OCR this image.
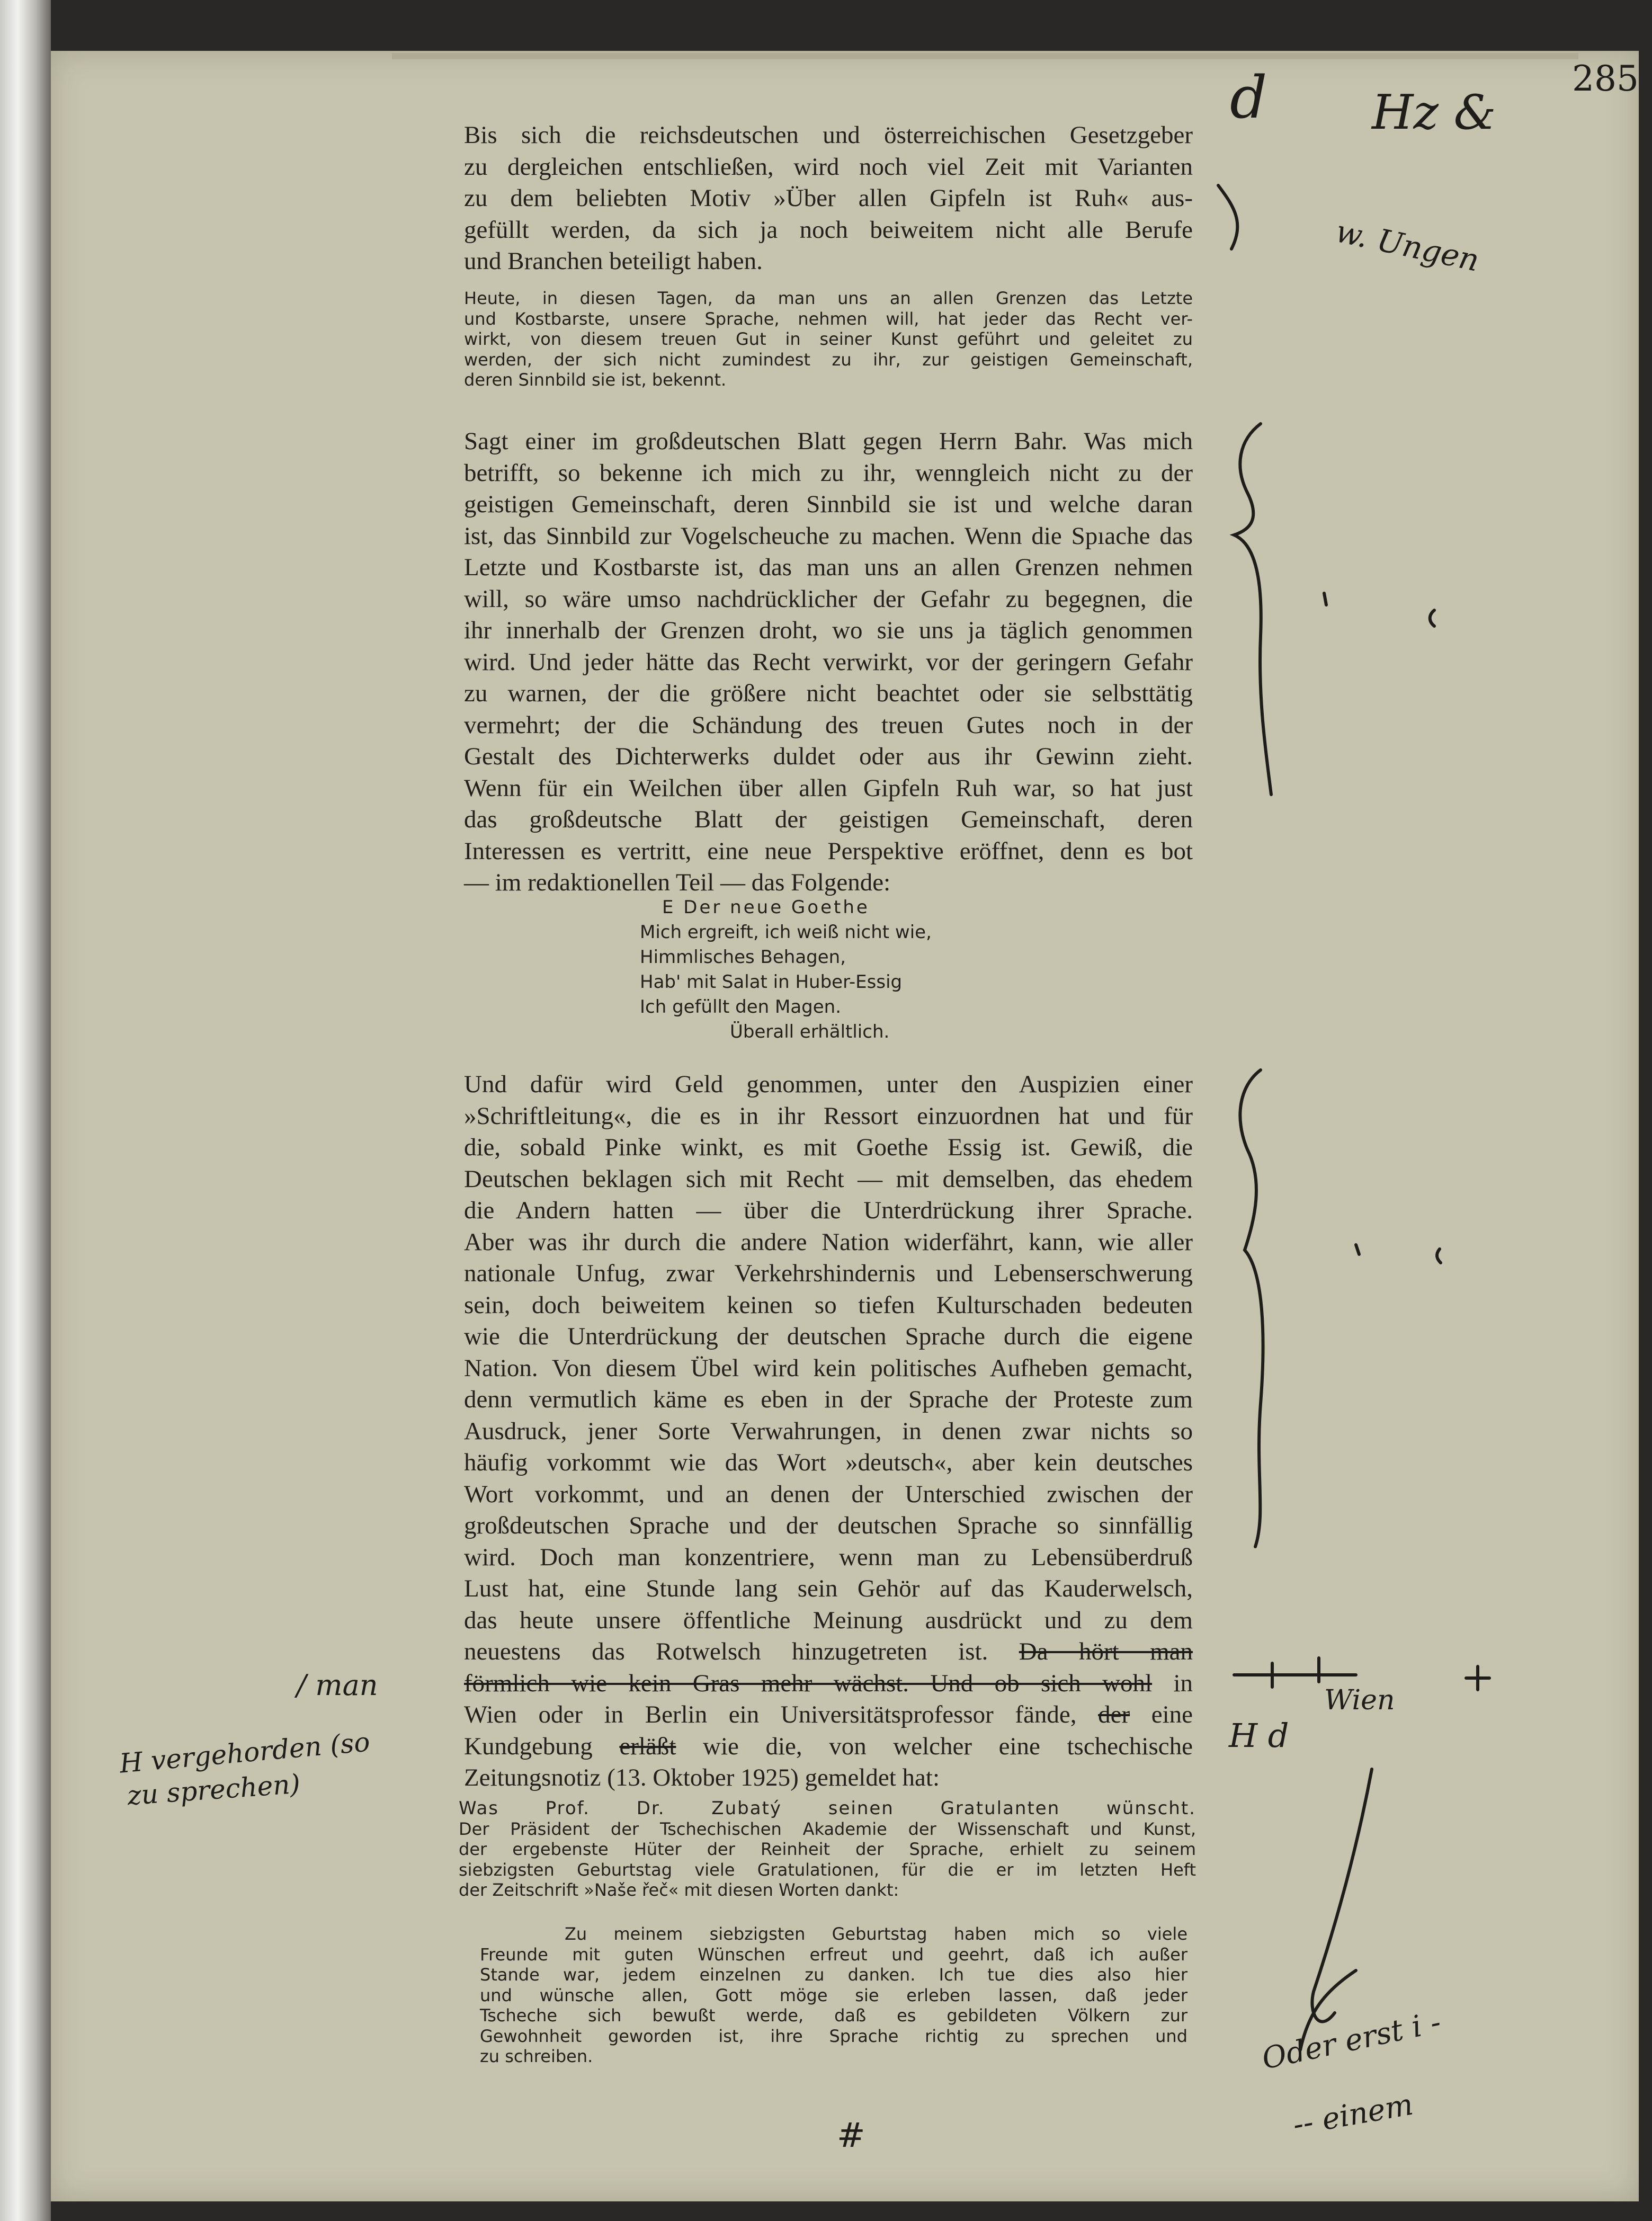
285
Bis sich die reichsdeutschen und österreichischen Gesetzgeber
zu dergleichen entschließen, wird noch viel Zeit mit Varianten
zu dem beliebten Motiv »Über allen Gipfeln ist Ruh« aus-
gefüllt werden, da sich ja noch beiweitem nicht alle Berufe
und Branchen beteiligt haben.
Heute, in diesen Tagen, da man uns an allen Grenzen das Letzte
und Kostbarste, unsere Sprache, nehmen will, hat jeder das Recht ver-
wirkt, von diesem treuen Gut in seiner Kunst geführt und geleitet zu
werden, der sich nicht zumindest zu ihr, zur geistigen Gemeinschaft,
deren Sinnbild sie ist, bekennt.
Sagt einer im großdeutschen Blatt gegen Herrn Bahr. Was mich
betrifft, so bekenne ich mich zu ihr, wenngleich nicht zu der
geistigen Gemeinschaft, deren Sinnbild sie ist und welche daran
ist, das Sinnbild zur Vogelscheuche zu machen. Wenn die Spıache das
Letzte und Kostbarste ist, das man uns an allen Grenzen nehmen
will, so wäre umso nachdrücklicher der Gefahr zu begegnen, die
ihr innerhalb der Grenzen droht, wo sie uns ja täglich genommen
wird. Und jeder hätte das Recht verwirkt, vor der geringern Gefahr
zu warnen, der die größere nicht beachtet oder sie selbsttätig
vermehrt; der die Schändung des treuen Gutes noch in der
Gestalt des Dichterwerks duldet oder aus ihr Gewinn zieht.
Wenn für ein Weilchen über allen Gipfeln Ruh war, so hat just
das großdeutsche Blatt der geistigen Gemeinschaft, deren
Interessen es vertritt, eine neue Perspektive eröffnet, denn es bot
— im redaktionellen Teil — das Folgende:
E Der neue Goethe
Mich ergreift, ich weiß nicht wie,
Himmlisches Behagen,
Hab' mit Salat in Huber-Essig
Ich gefüllt den Magen.
Überall erhältlich.
Und dafür wird Geld genommen, unter den Auspizien einer
»Schriftleitung«, die es in ihr Ressort einzuordnen hat und für
die, sobald Pinke winkt, es mit Goethe Essig ist. Gewiß, die
Deutschen beklagen sich mit Recht — mit demselben, das ehedem
die Andern hatten — über die Unterdrückung ihrer Sprache.
Aber was ihr durch die andere Nation widerfährt, kann, wie aller
nationale Unfug, zwar Verkehrshindernis und Lebenserschwerung
sein, doch beiweitem keinen so tiefen Kulturschaden bedeuten
wie die Unterdrückung der deutschen Sprache durch die eigene
Nation. Von diesem Übel wird kein politisches Aufheben gemacht,
denn vermutlich käme es eben in der Sprache der Proteste zum
Ausdruck, jener Sorte Verwahrungen, in denen zwar nichts so
häufig vorkommt wie das Wort »deutsch«, aber kein deutsches
Wort vorkommt, und an denen der Unterschied zwischen der
großdeutschen Sprache und der deutschen Sprache so sinnfällig
wird. Doch man konzentriere, wenn man zu Lebensüberdruß
Lust hat, eine Stunde lang sein Gehör auf das Kauderwelsch,
das heute unsere öffentliche Meinung ausdrückt und zu dem
neuestens das Rotwelsch hinzugetreten ist. Da hört man
förmlich wie kein Gras mehr wächst. Und ob sich wohl in
Wien oder in Berlin ein Universitätsprofessor fände, der eine
Kundgebung erläßt wie die, von welcher eine tschechische
Zeitungsnotiz (13. Oktober 1925) gemeldet hat:
Was Prof. Dr. Zubatý seinen Gratulanten wünscht.
Der Präsident der Tschechischen Akademie der Wissenschaft und Kunst,
der ergebenste Hüter der Reinheit der Sprache, erhielt zu seinem
siebzigsten Geburtstag viele Gratulationen, für die er im letzten Heft
der Zeitschrift »Naše řeč« mit diesen Worten dankt:
Zu meinem siebzigsten Geburtstag haben mich so viele
Freunde mit guten Wünschen erfreut und geehrt, daß ich außer
Stande war, jedem einzelnen zu danken. Ich tue dies also hier
und wünsche allen, Gott möge sie erleben lassen, daß jeder
Tscheche sich bewußt werde, daß es gebildeten Völkern zur
Gewohnheit geworden ist, ihre Sprache richtig zu sprechen und
zu schreiben.
d Hz &
w. Ungen
/ man
H vergehorden (so
zu sprechen)
Wien
H d
Oder erst i -
-- einem
#
